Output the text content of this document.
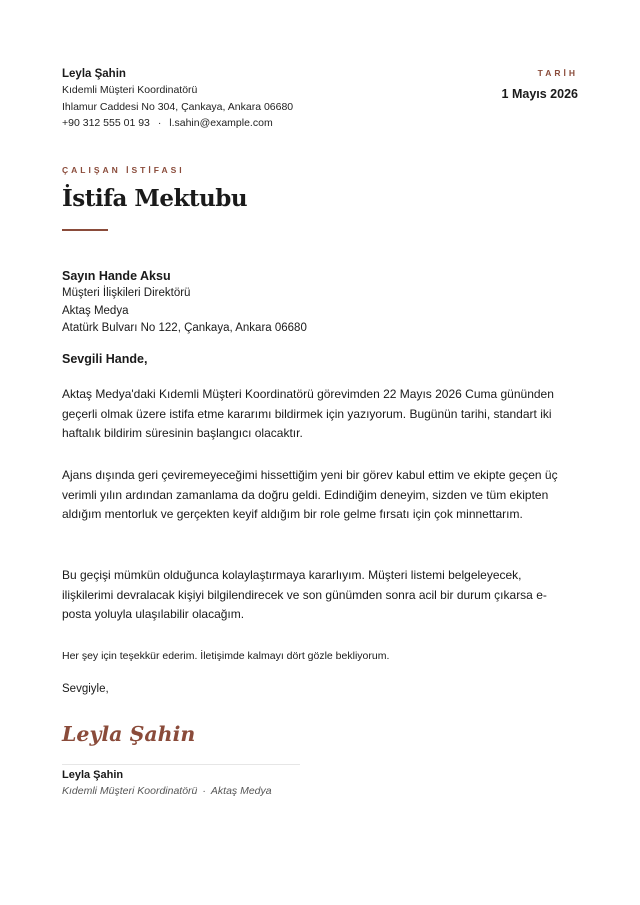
Leyla Şahin
Kıdemli Müşteri Koordinatörü
Ihlamur Caddesi No 304, Çankaya, Ankara 06680
+90 312 555 01 93 · l.sahin@example.com
TARİH
1 Mayıs 2026
ÇALIŞAN İSTİFASI
İstifa Mektubu
Sayın Hande Aksu
Müşteri İlişkileri Direktörü
Aktaş Medya
Atatürk Bulvarı No 122, Çankaya, Ankara 06680
Sevgili Hande,
Aktaş Medya'daki Kıdemli Müşteri Koordinatörü görevimden 22 Mayıs 2026 Cuma gününden geçerli olmak üzere istifa etme kararımı bildirmek için yazıyorum. Bugünün tarihi, standart iki haftalık bildirim süresinin başlangıcı olacaktır.
Ajans dışında geri çeviremeyeceğimi hissettiğim yeni bir görev kabul ettim ve ekipte geçen üç verimli yılın ardından zamanlama da doğru geldi. Edindiğim deneyim, sizden ve tüm ekipten aldığım mentorluk ve gerçekten keyif aldığım bir role gelme fırsatı için çok minnettarım.
Bu geçişi mümkün olduğunca kolaylaştırmaya kararlıyım. Müşteri listemi belgeleyecek, ilişkilerimi devralacak kişiyi bilgilendirecek ve son günümden sonra acil bir durum çıkarsa e-posta yoluyla ulaşılabilir olacağım.
Her şey için teşekkür ederim. İletişimde kalmayı dört gözle bekliyorum.
Sevgiyle,
Leyla Şahin
Leyla Şahin
Kıdemli Müşteri Koordinatörü · Aktaş Medya
